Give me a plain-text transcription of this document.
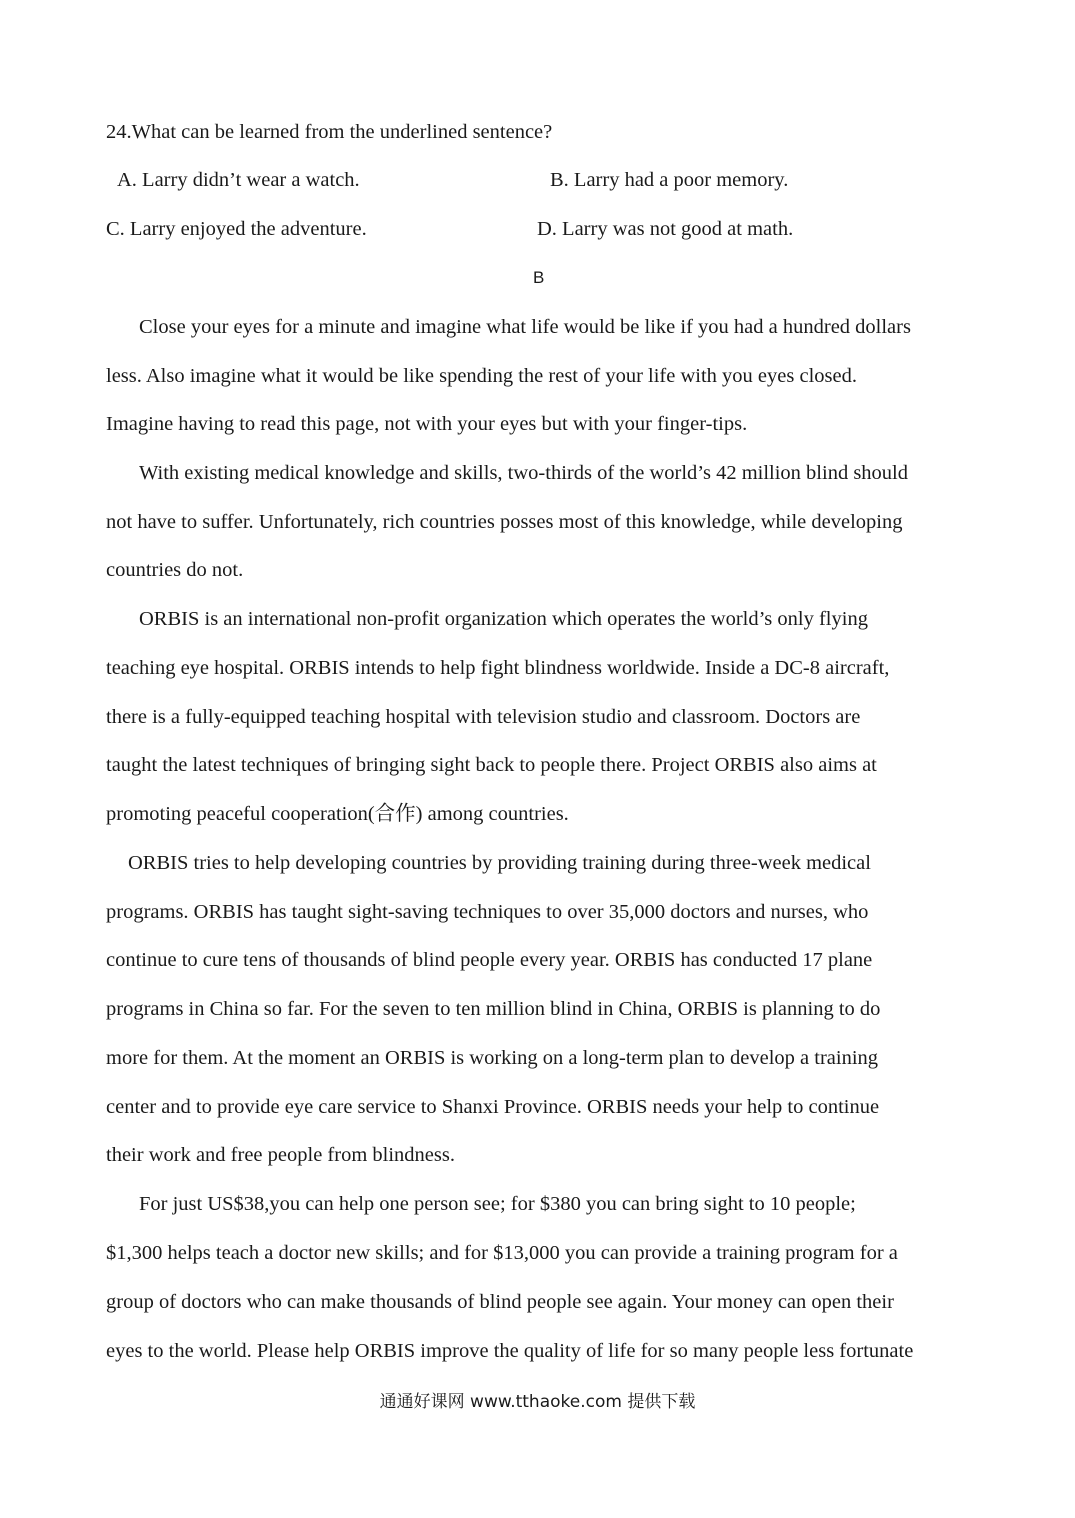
24.What can be learned from the underlined sentence?
A. Larry didn’t wear a watch.	B. Larry had a poor memory.
C. Larry enjoyed the adventure.	D. Larry was not good at math.
B
Close your eyes for a minute and imagine what life would be like if you had a hundred dollars
less. Also imagine what it would be like spending the rest of your life with you eyes closed.
Imagine having to read this page, not with your eyes but with your finger-tips.
With existing medical knowledge and skills, two-thirds of the world’s 42 million blind should
not have to suffer. Unfortunately, rich countries posses most of this knowledge, while developing
countries do not.
ORBIS is an international non-profit organization which operates the world’s only flying
teaching eye hospital. ORBIS intends to help fight blindness worldwide. Inside a DC-8 aircraft,
there is a fully-equipped teaching hospital with television studio and classroom. Doctors are
taught the latest techniques of bringing sight back to people there. Project ORBIS also aims at
promoting peaceful cooperation(合作) among countries.
ORBIS tries to help developing countries by providing training during three-week medical
programs. ORBIS has taught sight-saving techniques to over 35,000 doctors and nurses, who
continue to cure tens of thousands of blind people every year. ORBIS has conducted 17 plane
programs in China so far. For the seven to ten million blind in China, ORBIS is planning to do
more for them. At the moment an ORBIS is working on a long-term plan to develop a training
center and to provide eye care service to Shanxi Province. ORBIS needs your help to continue
their work and free people from blindness.
For just US$38,you can help one person see; for $380 you can bring sight to 10 people;
$1,300 helps teach a doctor new skills; and for $13,000 you can provide a training program for a
group of doctors who can make thousands of blind people see again. Your money can open their
eyes to the world. Please help ORBIS improve the quality of life for so many people less fortunate
通通好课网 www.tthaoke.com 提供下载
